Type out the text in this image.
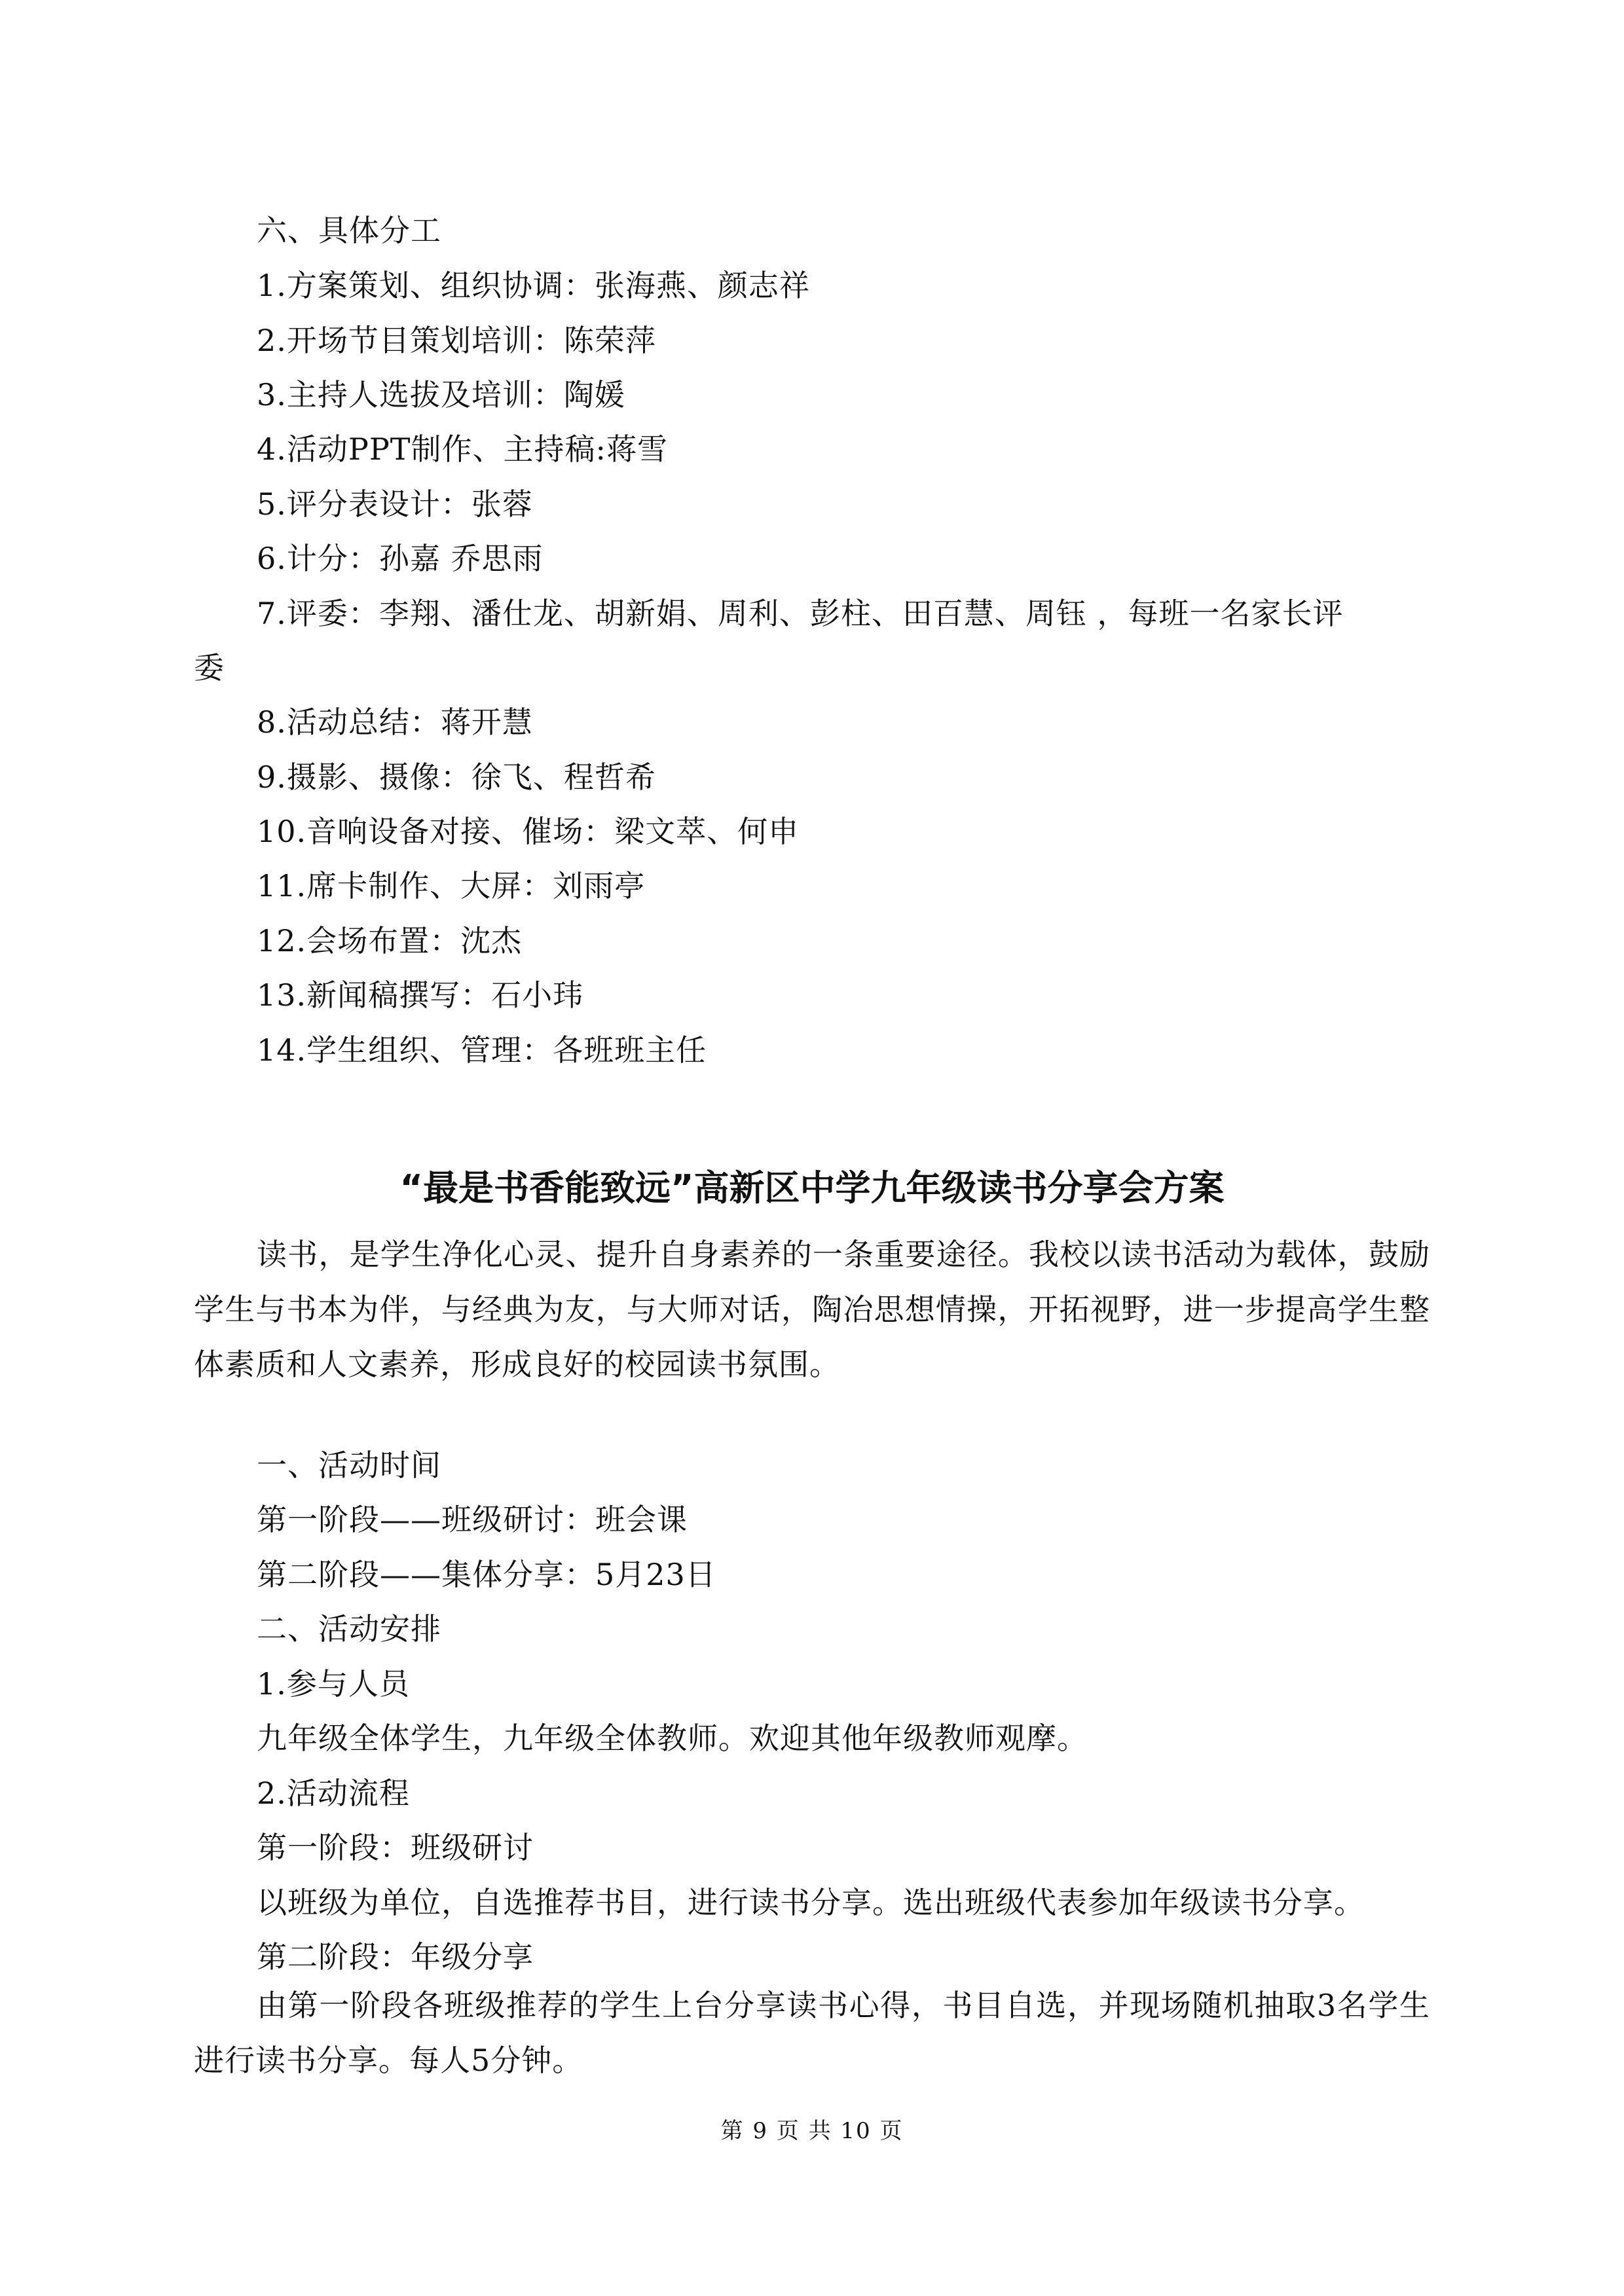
六、具体分工
1.方案策划、组织协调：张海燕、颜志祥
2.开场节目策划培训：陈荣萍
3.主持人选拔及培训：陶媛
4.活动PPT制作、主持稿:蒋雪
5.评分表设计：张蓉
6.计分：孙嘉 乔思雨
7.评委：李翔、潘仕龙、胡新娟、周利、彭柱、田百慧、周钰 ，每班一名家长评
委
8.活动总结：蒋开慧
9.摄影、摄像：徐飞、程哲希
10.音响设备对接、催场：梁文萃、何申
11.席卡制作、大屏：刘雨亭
12.会场布置：沈杰
13.新闻稿撰写：石小玮
14.学生组织、管理：各班班主任
“最是书香能致远”高新区中学九年级读书分享会方案
读书，是学生净化心灵、提升自身素养的一条重要途径。我校以读书活动为载体，鼓励学生与书本为伴，与经典为友，与大师对话，陶冶思想情操，开拓视野，进一步提高学生整体素质和人文素养，形成良好的校园读书氛围。
一、活动时间
第一阶段——班级研讨：班会课
第二阶段——集体分享：5月23日
二、活动安排
1.参与人员
九年级全体学生，九年级全体教师。欢迎其他年级教师观摩。
2.活动流程
第一阶段：班级研讨
以班级为单位，自选推荐书目，进行读书分享。选出班级代表参加年级读书分享。
第二阶段：年级分享
由第一阶段各班级推荐的学生上台分享读书心得，书目自选，并现场随机抽取3名学生进行读书分享。每人5分钟。
第 9 页 共 10 页
